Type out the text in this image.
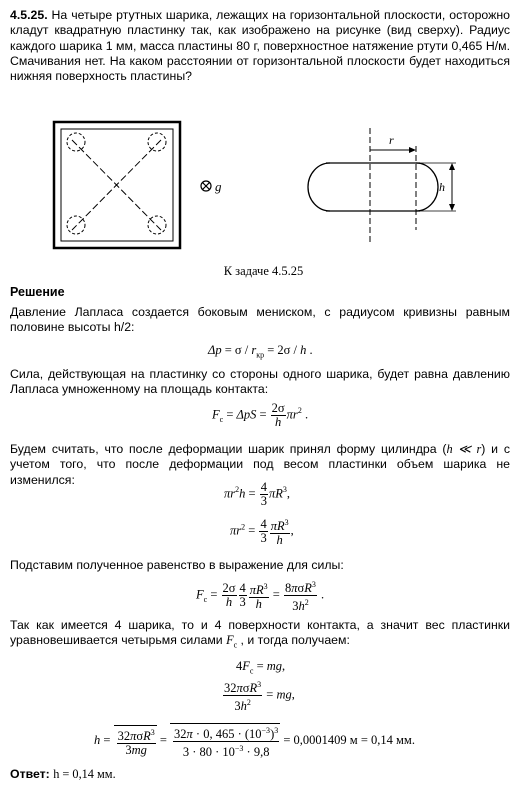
4.5.25. На четыре ртутных шарика, лежащих на горизонтальной плоскости, осторожно кладут квадратную пластинку так, как изображено на рисунке (вид сверху). Радиус каждого шарика 1 мм, масса пластины 80 г, поверхностное натяжение ртути 0,465 Н/м. Смачивания нет. На каком расстоянии от горизонтальной плоскости будет находиться нижняя поверхность пластины?
g
r
h
К задаче 4.5.25
Решение
Давление Лапласа создается боковым мениском, с радиусом кривизны равным половине высоты h/2:
$\Delta p = \sigma / r_{кр} = 2\sigma / h$ .
Сила, действующая на пластинку со стороны одного шарика, будет равна давлению Лапласа умноженному на площадь контакта:
$F_с = \Delta pS = \frac{2\sigma}{h} \pi r^2$ .
Будем считать, что после деформации шарик принял форму цилиндра (h ≪ r) и с учетом того, что после деформации под весом пластинки объем шарика не изменился:
$\pi r^2h = \frac{4}{3} \pi R^3$,
$\pi r^2 = \frac{4}{3} \frac{\pi R^3}{h}$ ,
Подставим полученное равенство в выражение для силы:
$F_с = \frac{2\sigma}{h} \frac{4}{3} \frac{\pi R^3}{h} = \frac{8\pi\sigma R^3}{3h^2}$ .
Так как имеется 4 шарика, то и 4 поверхности контакта, а значит вес пластинки уравновешивается четырьмя силами $F_с$ , и тогда получаем:
$4F_с$ = mg,
$\frac{32\pi\sigma R^3}{3h^2}$ = mg,
$h = \frac{32\pi\sigma R^3}{3mg} = \frac{32\pi \cdot 0, 465 \cdot (10^{-3})^3}{3 \cdot 80 \cdot 10^{-3} \cdot 9,8} = 0,0001409$ м = 0,14 мм.
Ответ: h = 0,14 мм.
